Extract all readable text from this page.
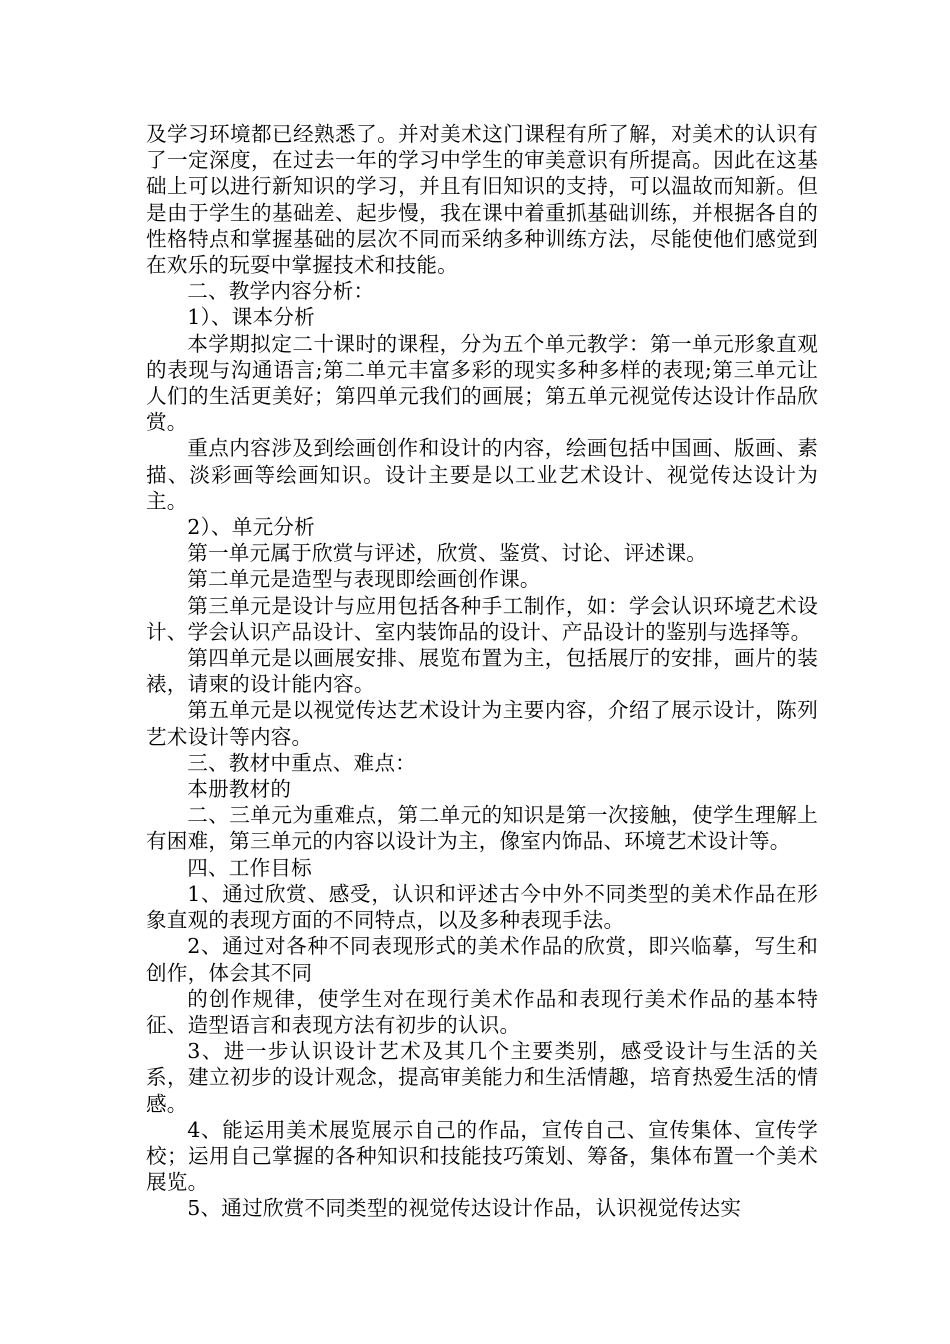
及学习环境都已经熟悉了。并对美术这门课程有所了解，对美术的认识有了一定深度，在过去一年的学习中学生的审美意识有所提高。因此在这基础上可以进行新知识的学习，并且有旧知识的支持，可以温故而知新。但是由于学生的基础差、起步慢，我在课中着重抓基础训练，并根据各自的性格特点和掌握基础的层次不同而采纳多种训练方法，尽能使他们感觉到在欢乐的玩耍中掌握技术和技能。

二、教学内容分析：

1）、课本分析

本学期拟定二十课时的课程，分为五个单元教学：第一单元形象直观的表现与沟通语言;第二单元丰富多彩的现实多种多样的表现;第三单元让人们的生活更美好；第四单元我们的画展；第五单元视觉传达设计作品欣赏。

重点内容涉及到绘画创作和设计的内容，绘画包括中国画、版画、素描、淡彩画等绘画知识。设计主要是以工业艺术设计、视觉传达设计为主。

2）、单元分析

第一单元属于欣赏与评述，欣赏、鉴赏、讨论、评述课。

第二单元是造型与表现即绘画创作课。

第三单元是设计与应用包括各种手工制作，如：学会认识环境艺术设计、学会认识产品设计、室内装饰品的设计、产品设计的鉴别与选择等。

第四单元是以画展安排、展览布置为主，包括展厅的安排，画片的装裱，请柬的设计能内容。

第五单元是以视觉传达艺术设计为主要内容，介绍了展示设计，陈列艺术设计等内容。

三、教材中重点、难点：

本册教材的

二、三单元为重难点，第二单元的知识是第一次接触，使学生理解上有困难，第三单元的内容以设计为主，像室内饰品、环境艺术设计等。

四、工作目标

1、通过欣赏、感受，认识和评述古今中外不同类型的美术作品在形象直观的表现方面的不同特点，以及多种表现手法。

2、通过对各种不同表现形式的美术作品的欣赏，即兴临摹，写生和创作，体会其不同

的创作规律，使学生对在现行美术作品和表现行美术作品的基本特征、造型语言和表现方法有初步的认识。

3、进一步认识设计艺术及其几个主要类别，感受设计与生活的关系，建立初步的设计观念，提高审美能力和生活情趣，培育热爱生活的情感。

4、能运用美术展览展示自己的作品，宣传自己、宣传集体、宣传学校；运用自己掌握的各种知识和技能技巧策划、筹备，集体布置一个美术展览。

5、通过欣赏不同类型的视觉传达设计作品，认识视觉传达实
